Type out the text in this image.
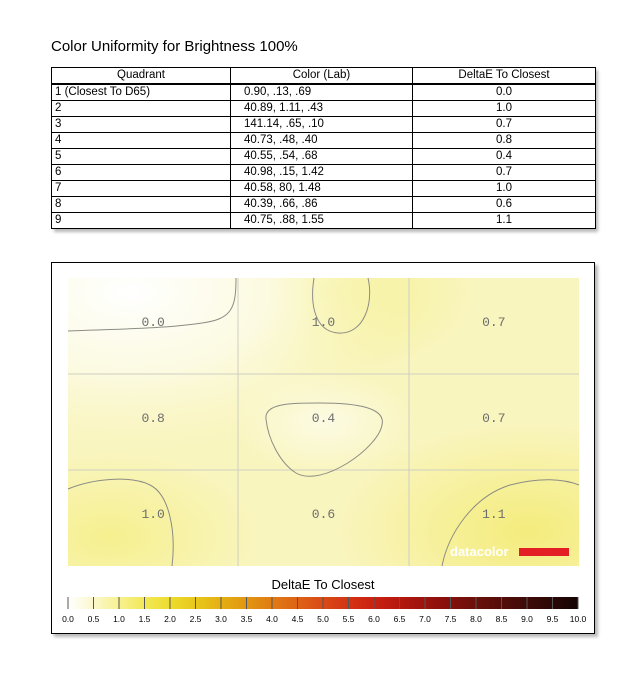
Color Uniformity for Brightness 100%
Quadrant	Color (Lab)	DeltaE To Closest
1 (Closest To D65)	0.90, .13, .69	0.0
2	40.89, 1.11, .43	1.0
3	141.14, .65, .10	0.7
4	40.73, .48, .40	0.8
5	40.55, .54, .68	0.4
6	40.98, .15, 1.42	0.7
7	40.58, 80, 1.48	1.0
8	40.39, .66, .86	0.6
9	40.75, .88, 1.55	1.1
0.0	1.0	0.7
0.8	0.4	0.7
1.0	0.6	1.1
datacolor
DeltaE To Closest
0.0 0.5 1.0 1.5 2.0 2.5 3.0 3.5 4.0 4.5 5.0 5.5 6.0 6.5 7.0 7.5 8.0 8.5 9.0 9.5 10.0
